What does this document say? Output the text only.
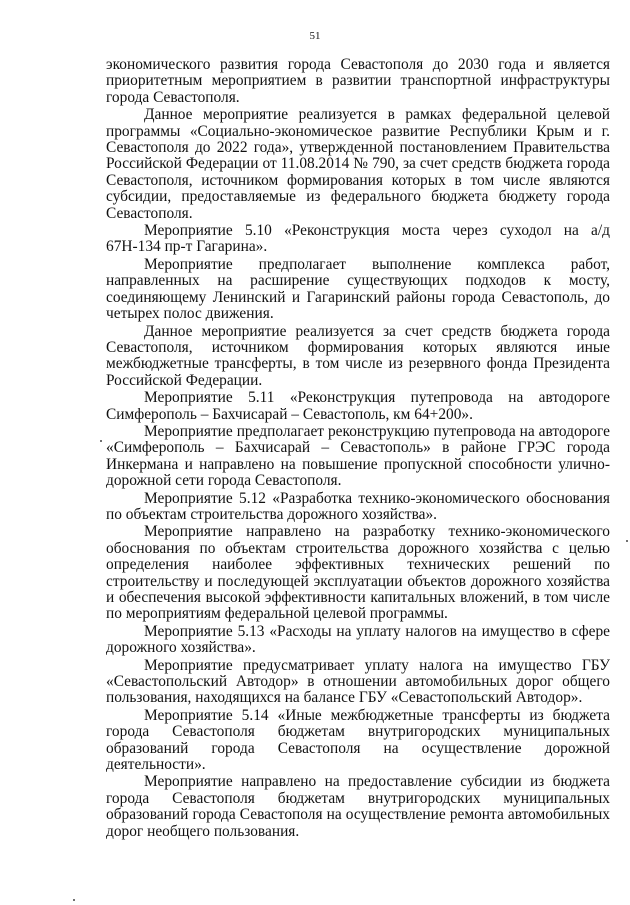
51

экономического развития города Севастополя до 2030 года и является приоритетным мероприятием в развитии транспортной инфраструктуры города Севастополя.

Данное мероприятие реализуется в рамках федеральной целевой программы «Социально-экономическое развитие Республики Крым и г. Севастополя до 2022 года», утвержденной постановлением Правительства Российской Федерации от 11.08.2014 № 790, за счет средств бюджета города Севастополя, источником формирования которых в том числе являются субсидии, предоставляемые из федерального бюджета бюджету города Севастополя.

Мероприятие 5.10 «Реконструкция моста через суходол на а/д 67Н-134 пр-т Гагарина».

Мероприятие предполагает выполнение комплекса работ, направленных на расширение существующих подходов к мосту, соединяющему Ленинский и Гагаринский районы города Севастополь, до четырех полос движения.

Данное мероприятие реализуется за счет средств бюджета города Севастополя, источником формирования которых являются иные межбюджетные трансферты, в том числе из резервного фонда Президента Российской Федерации.

Мероприятие 5.11 «Реконструкция путепровода на автодороге Симферополь – Бахчисарай – Севастополь, км 64+200».

Мероприятие предполагает реконструкцию путепровода на автодороге «Симферополь – Бахчисарай – Севастополь» в районе ГРЭС города Инкермана и направлено на повышение пропускной способности улично-дорожной сети города Севастополя.

Мероприятие 5.12 «Разработка технико-экономического обоснования по объектам строительства дорожного хозяйства».

Мероприятие направлено на разработку технико-экономического обоснования по объектам строительства дорожного хозяйства с целью определения наиболее эффективных технических решений по строительству и последующей эксплуатации объектов дорожного хозяйства и обеспечения высокой эффективности капитальных вложений, в том числе по мероприятиям федеральной целевой программы.

Мероприятие 5.13 «Расходы на уплату налогов на имущество в сфере дорожного хозяйства».

Мероприятие предусматривает уплату налога на имущество ГБУ «Севастопольский Автодор» в отношении автомобильных дорог общего пользования, находящихся на балансе ГБУ «Севастопольский Автодор».

Мероприятие 5.14 «Иные межбюджетные трансферты из бюджета города Севастополя бюджетам внутригородских муниципальных образований города Севастополя на осуществление дорожной деятельности».

Мероприятие направлено на предоставление субсидии из бюджета города Севастополя бюджетам внутригородских муниципальных образований города Севастополя на осуществление ремонта автомобильных дорог необщего пользования.
